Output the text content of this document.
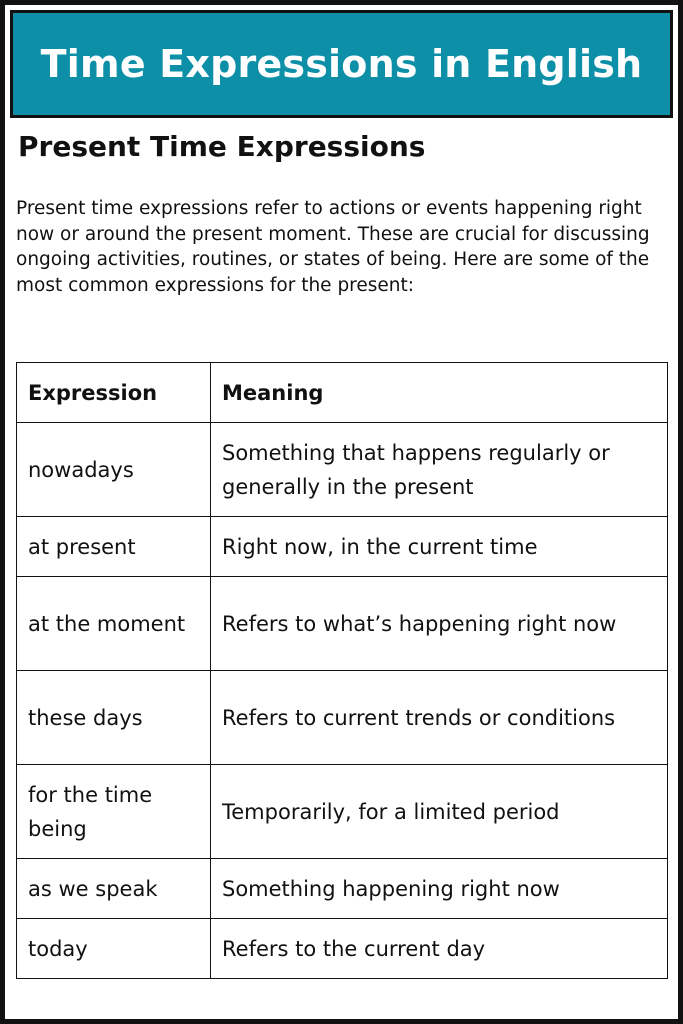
Time Expressions in English
Present Time Expressions

Present time expressions refer to actions or events happening right now or around the present moment. These are crucial for discussing ongoing activities, routines, or states of being. Here are some of the most common expressions for the present:

Expression	Meaning
nowadays	Something that happens regularly or generally in the present
at present	Right now, in the current time
at the moment	Refers to what’s happening right now
these days	Refers to current trends or conditions
for the time being	Temporarily, for a limited period
as we speak	Something happening right now
today	Refers to the current day
